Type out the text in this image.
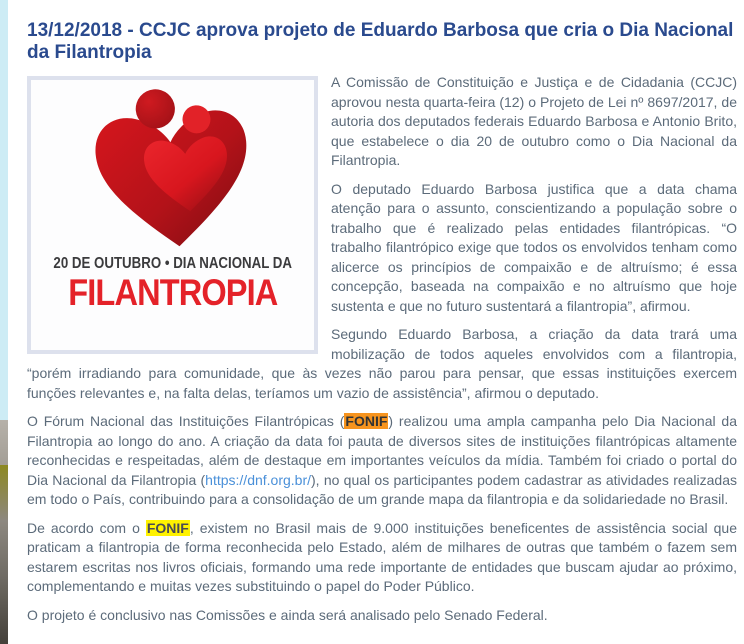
13/12/2018 - CCJC aprova projeto de Eduardo Barbosa que cria o Dia Nacional da Filantropia
20 DE OUTUBRO • DIA NACIONAL DA
FILANTROPIA

A Comissão de Constituição e Justiça e de Cidadania (CCJC) aprovou nesta quarta-feira (12) o Projeto de Lei nº 8697/2017, de autoria dos deputados federais Eduardo Barbosa e Antonio Brito, que estabelece o dia 20 de outubro como o Dia Nacional da Filantropia.

O deputado Eduardo Barbosa justifica que a data chama atenção para o assunto, conscientizando a população sobre o trabalho que é realizado pelas entidades filantrópicas. “O trabalho filantrópico exige que todos os envolvidos tenham como alicerce os princípios de compaixão e de altruísmo; é essa concepção, baseada na compaixão e no altruísmo que hoje sustenta e que no futuro sustentará a filantropia”, afirmou.

Segundo Eduardo Barbosa, a criação da data trará uma mobilização de todos aqueles envolvidos com a filantropia, “porém irradiando para comunidade, que às vezes não parou para pensar, que essas instituições exercem funções relevantes e, na falta delas, teríamos um vazio de assistência”, afirmou o deputado.

O Fórum Nacional das Instituições Filantrópicas (FONIF) realizou uma ampla campanha pelo Dia Nacional da Filantropia ao longo do ano. A criação da data foi pauta de diversos sites de instituições filantrópicas altamente reconhecidas e respeitadas, além de destaque em importantes veículos da mídia. Também foi criado o portal do Dia Nacional da Filantropia (https://dnf.org.br/), no qual os participantes podem cadastrar as atividades realizadas em todo o País, contribuindo para a consolidação de um grande mapa da filantropia e da solidariedade no Brasil.

De acordo com o FONIF, existem no Brasil mais de 9.000 instituições beneficentes de assistência social que praticam a filantropia de forma reconhecida pelo Estado, além de milhares de outras que também o fazem sem estarem escritas nos livros oficiais, formando uma rede importante de entidades que buscam ajudar ao próximo, complementando e muitas vezes substituindo o papel do Poder Público.

O projeto é conclusivo nas Comissões e ainda será analisado pelo Senado Federal.
